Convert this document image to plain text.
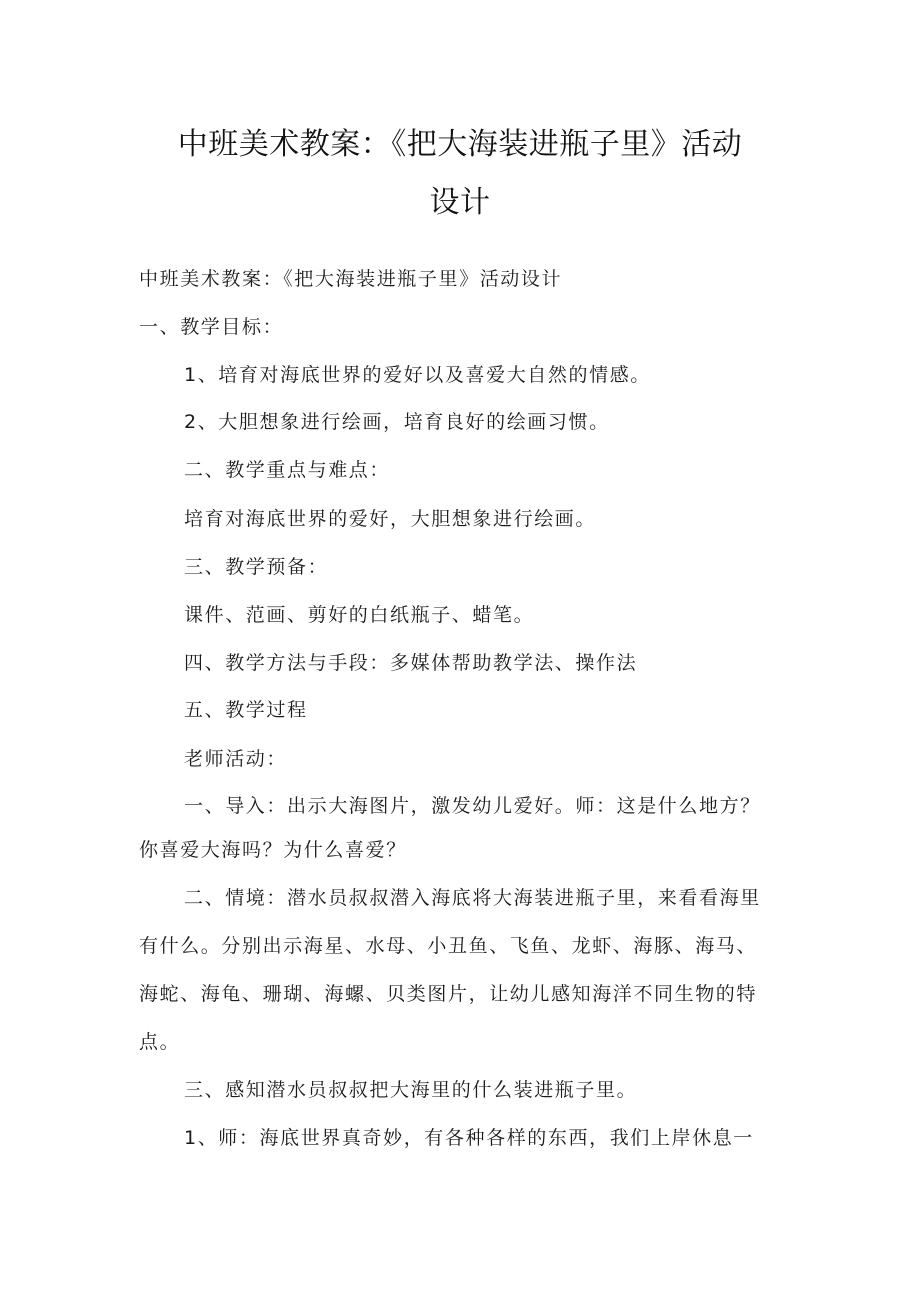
中班美术教案：《把大海装进瓶子里》活动
设计
中班美术教案：《把大海装进瓶子里》活动设计
一、教学目标：
1、培育对海底世界的爱好以及喜爱大自然的情感。
2、大胆想象进行绘画，培育良好的绘画习惯。
二、教学重点与难点：
培育对海底世界的爱好，大胆想象进行绘画。
三、教学预备：
课件、范画、剪好的白纸瓶子、蜡笔。
四、教学方法与手段：多媒体帮助教学法、操作法
五、教学过程
老师活动：
一、导入：出示大海图片，激发幼儿爱好。师：这是什么地方？
你喜爱大海吗？为什么喜爱？
二、情境：潜水员叔叔潜入海底将大海装进瓶子里，来看看海里
有什么。分别出示海星、水母、小丑鱼、飞鱼、龙虾、海豚、海马、
海蛇、海龟、珊瑚、海螺、贝类图片，让幼儿感知海洋不同生物的特
点。
三、感知潜水员叔叔把大海里的什么装进瓶子里。
1、师：海底世界真奇妙，有各种各样的东西，我们上岸休息一
